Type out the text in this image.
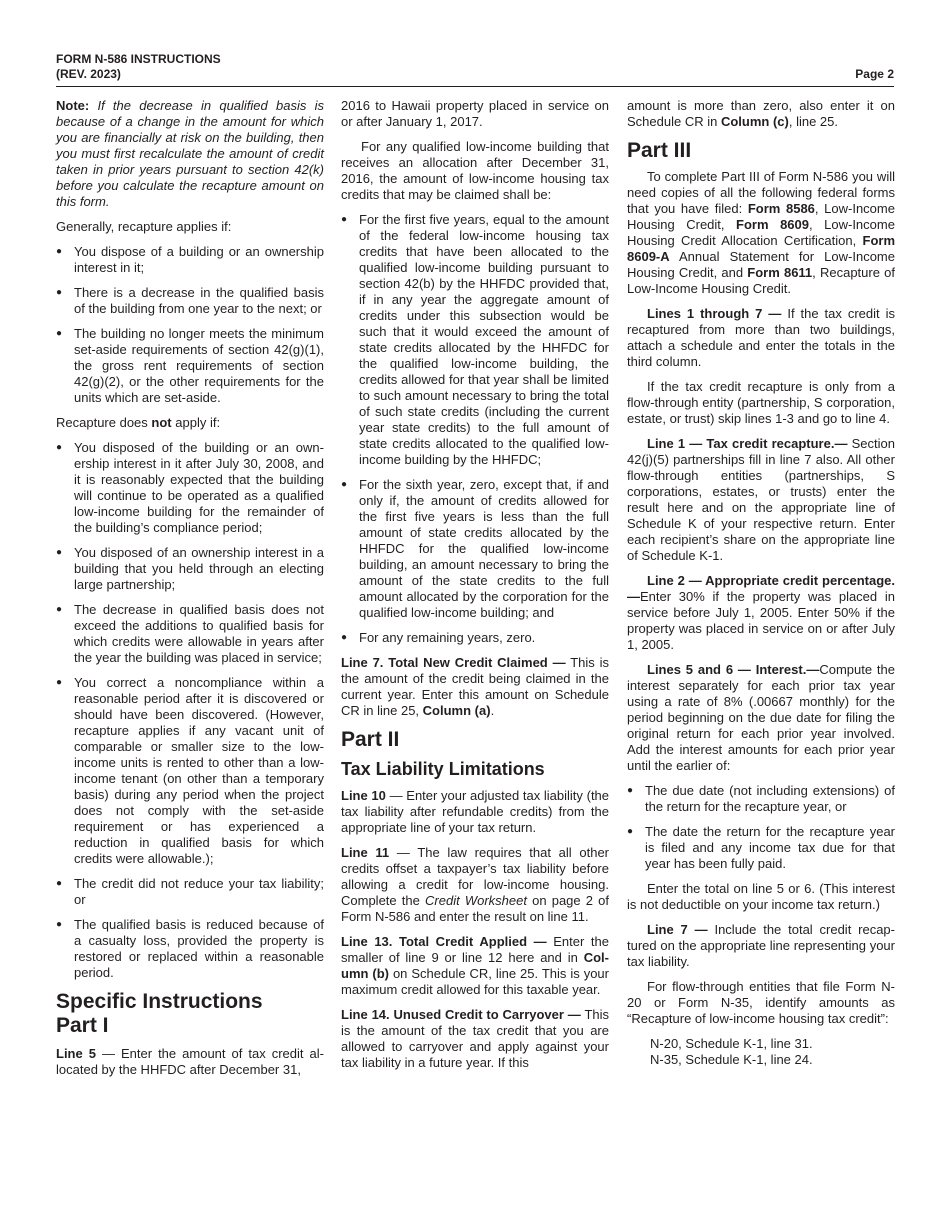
FORM N-586 INSTRUCTIONS
(REV. 2023)	Page 2

Note: If the decrease in qualified basis is because of a change in the amount for which you are financially at risk on the building, then you must first recalculate the amount of credit taken in prior years pursuant to section 42(k) before you calculate the recapture amount on this form.

Generally, recapture applies if:

● You dispose of a building or an ownership interest in it;
● There is a decrease in the qualified basis of the building from one year to the next; or
● The building no longer meets the minimum set-aside requirements of section 42(g)(1), the gross rent requirements of section 42(g)(2), or the other requirements for the units which are set-aside.

Recapture does not apply if:

● You disposed of the building or an ownership interest in it after July 30, 2008, and it is reasonably expected that the building will continue to be operated as a qualified low-income building for the remainder of the building’s compliance period;
● You disposed of an ownership interest in a building that you held through an electing large partnership;
● The decrease in qualified basis does not exceed the additions to qualified basis for which credits were allowable in years after the year the building was placed in service;
● You correct a noncompliance within a reasonable period after it is discovered or should have been discovered. (However, recapture applies if any vacant unit of comparable or smaller size to the low-income units is rented to other than a low-income tenant (on other than a temporary basis) during any period when the project does not comply with the set-aside requirement or has experienced a reduction in qualified basis for which credits were allowable.);
● The credit did not reduce your tax liability; or
● The qualified basis is reduced because of a casualty loss, provided the property is restored or replaced within a reasonable period.
Specific Instructions
Part I

Line 5 — Enter the amount of tax credit allocated by the HHFDC after December 31,

2016 to Hawaii property placed in service on or after January 1, 2017.

For any qualified low-income building that receives an allocation after December 31, 2016, the amount of low-income housing tax credits that may be claimed shall be:

● For the first five years, equal to the amount of the federal low-income housing tax credits that have been allocated to the qualified low-income building pursuant to section 42(b) by the HHFDC provided that, if in any year the aggregate amount of credits under this subsection would be such that it would exceed the amount of state credits allocated by the HHFDC for the qualified low-income building, the credits allowed for that year shall be limited to such amount necessary to bring the total of such state credits (including the current year state credits) to the full amount of state credits allocated to the qualified low-income building by the HHFDC;
● For the sixth year, zero, except that, if and only if, the amount of credits allowed for the first five years is less than the full amount of state credits allocated by the HHFDC for the qualified low-income building, an amount necessary to bring the amount of the state credits to the full amount allocated by the corporation for the qualified low-income building; and
● For any remaining years, zero.

Line 7. Total New Credit Claimed — This is the amount of the credit being claimed in the current year. Enter this amount on Schedule CR in line 25, Column (a).

Part II
Tax Liability Limitations

Line 10 — Enter your adjusted tax liability (the tax liability after refundable credits) from the appropriate line of your tax return.

Line 11 — The law requires that all other credits offset a taxpayer’s tax liability before allowing a credit for low-income housing. Complete the Credit Worksheet on page 2 of Form N-586 and enter the result on line 11.

Line 13. Total Credit Applied — Enter the smaller of line 9 or line 12 here and in Column (b) on Schedule CR, line 25. This is your maximum credit allowed for this taxable year.

Line 14. Unused Credit to Carryover — This is the amount of the tax credit that you are allowed to carryover and apply against your tax liability in a future year. If this

amount is more than zero, also enter it on Schedule CR in Column (c), line 25.

Part III

To complete Part III of Form N-586 you will need copies of all the following federal forms that you have filed: Form 8586, Low-Income Housing Credit, Form 8609, Low-Income Housing Credit Allocation Certification, Form 8609-A Annual Statement for Low-Income Housing Credit, and Form 8611, Recapture of Low-Income Housing Credit.

Lines 1 through 7 — If the tax credit is recaptured from more than two buildings, attach a schedule and enter the totals in the third column.

If the tax credit recapture is only from a flow-through entity (partnership, S corporation, estate, or trust) skip lines 1-3 and go to line 4.

Line 1 — Tax credit recapture.— Section 42(j)(5) partnerships fill in line 7 also. All other flow-through entities (partnerships, S corporations, estates, or trusts) enter the result here and on the appropriate line of Schedule K of your respective return. Enter each recipient’s share on the appropriate line of Schedule K-1.

Line 2 — Appropriate credit percentage.—Enter 30% if the property was placed in service before July 1, 2005. Enter 50% if the property was placed in service on or after July 1, 2005.

Lines 5 and 6 — Interest.—Compute the interest separately for each prior tax year using a rate of 8% (.00667 monthly) for the period beginning on the due date for filing the original return for each prior year involved. Add the interest amounts for each prior year until the earlier of:

● The due date (not including extensions) of the return for the recapture year, or
● The date the return for the recapture year is filed and any income tax due for that year has been fully paid.

Enter the total on line 5 or 6. (This interest is not deductible on your income tax return.)

Line 7 — Include the total credit recaptured on the appropriate line representing your tax liability.

For flow-through entities that file Form N-20 or Form N-35, identify amounts as “Recapture of low-income housing tax credit”:

N-20, Schedule K-1, line 31.
N-35, Schedule K-1, line 24.
